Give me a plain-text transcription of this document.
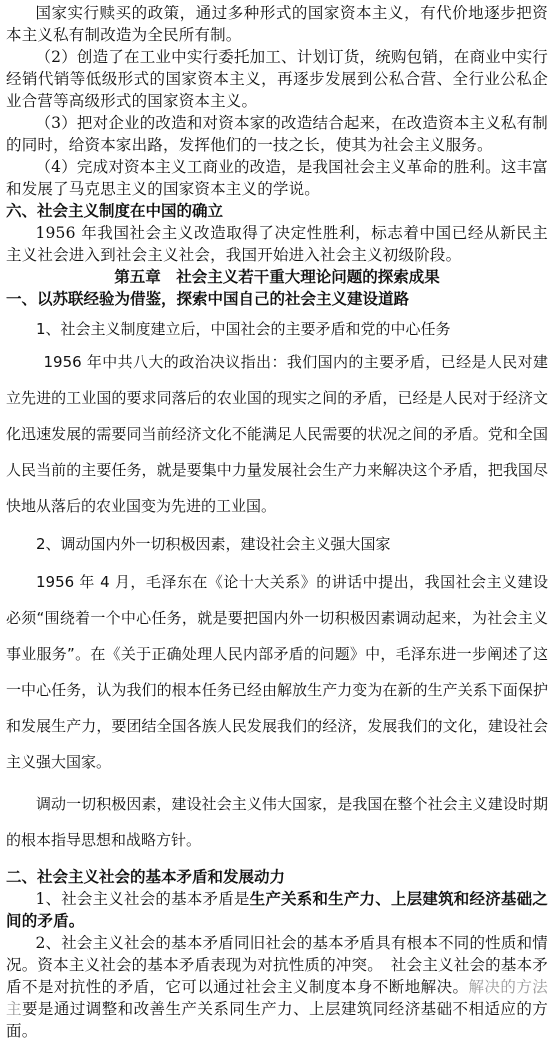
国家实行赎买的政策，通过多种形式的国家资本主义，有代价地逐步把资本主义私有制改造为全民所有制。

（2）创造了在工业中实行委托加工、计划订货，统购包销，在商业中实行经销代销等低级形式的国家资本主义，再逐步发展到公私合营、全行业公私企业合营等高级形式的国家资本主义。

（3）把对企业的改造和对资本家的改造结合起来，在改造资本主义私有制的同时，给资本家出路，发挥他们的一技之长，使其为社会主义服务。

（4）完成对资本主义工商业的改造，是我国社会主义革命的胜利。这丰富和发展了马克思主义的国家资本主义的学说。

六、社会主义制度在中国的确立

1956 年我国社会主义改造取得了决定性胜利，标志着中国已经从新民主主义社会进入到社会主义社会，我国开始进入社会主义初级阶段。

第五章　社会主义若干重大理论问题的探索成果

一、以苏联经验为借鉴，探索中国自己的社会主义建设道路

1、社会主义制度建立后，中国社会的主要矛盾和党的中心任务

1956 年中共八大的政治决议指出：我们国内的主要矛盾，已经是人民对建立先进的工业国的要求同落后的农业国的现实之间的矛盾，已经是人民对于经济文化迅速发展的需要同当前经济文化不能满足人民需要的状况之间的矛盾。党和全国人民当前的主要任务，就是要集中力量发展社会生产力来解决这个矛盾，把我国尽快地从落后的农业国变为先进的工业国。

2、调动国内外一切积极因素，建设社会主义强大国家

1956 年 4 月，毛泽东在《论十大关系》的讲话中提出，我国社会主义建设必须“围绕着一个中心任务，就是要把国内外一切积极因素调动起来，为社会主义事业服务”。在《关于正确处理人民内部矛盾的问题》中，毛泽东进一步阐述了这一中心任务，认为我们的根本任务已经由解放生产力变为在新的生产关系下面保护和发展生产力，要团结全国各族人民发展我们的经济，发展我们的文化，建设社会主义强大国家。

调动一切积极因素，建设社会主义伟大国家，是我国在整个社会主义建设时期的根本指导思想和战略方针。

二、社会主义社会的基本矛盾和发展动力

1、社会主义社会的基本矛盾是生产关系和生产力、上层建筑和经济基础之间的矛盾。

2、社会主义社会的基本矛盾同旧社会的基本矛盾具有根本不同的性质和情况。资本主义社会的基本矛盾表现为对抗性质的冲突。　社会主义社会的基本矛盾不是对抗性的矛盾，它可以通过社会主义制度本身不断地解决。解决的方法主要是通过调整和改善生产关系同生产力、上层建筑同经济基础不相适应的方面。
